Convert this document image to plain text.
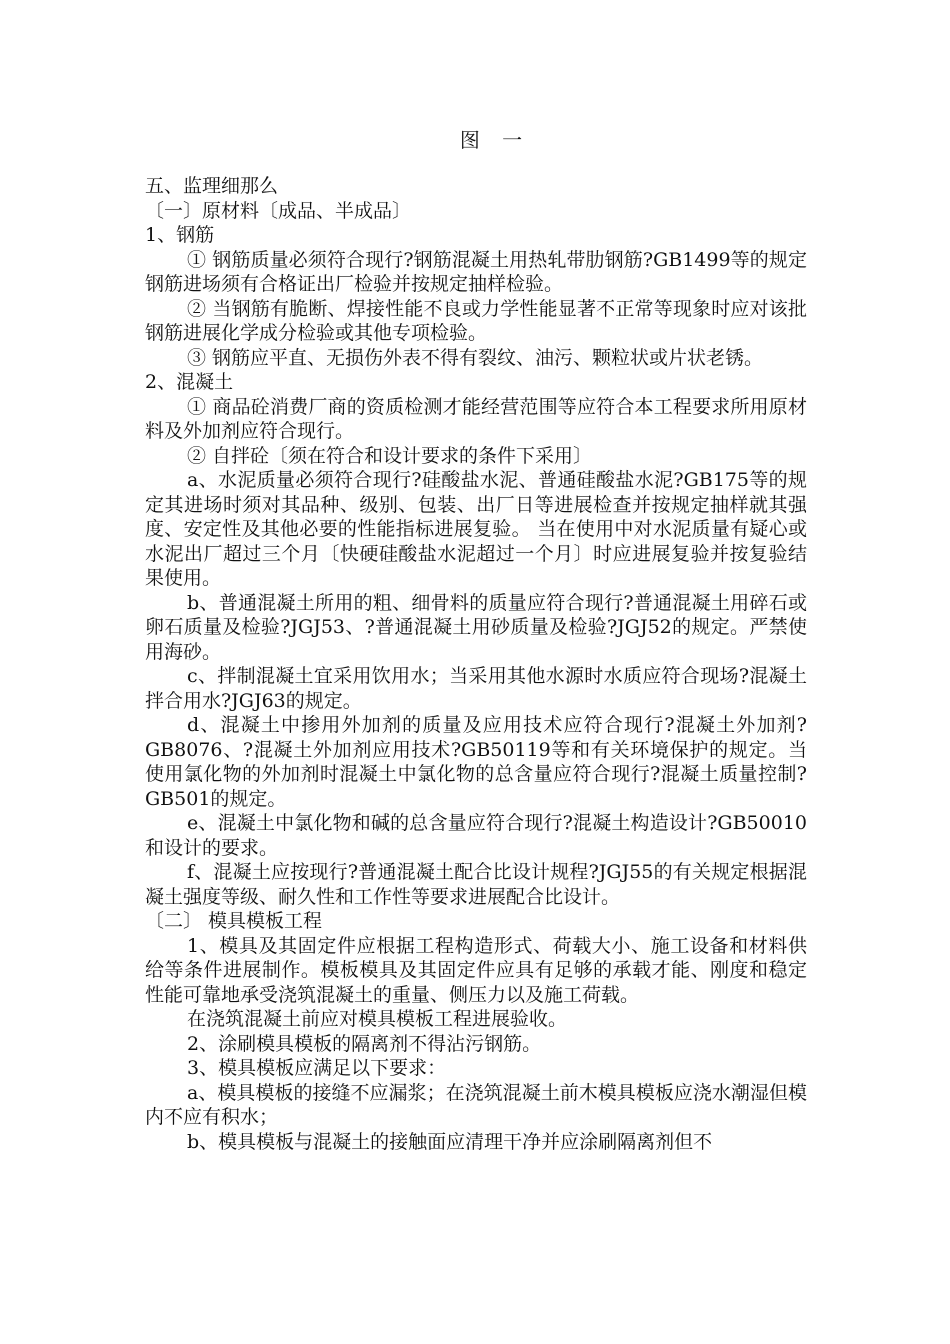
图 一

五、监理细那么

〔一〕原材料〔成品、半成品〕

1、钢筋

① 钢筋质量必须符合现行?钢筋混凝土用热轧带肋钢筋?GB1499等的规定钢筋进场须有合格证出厂检验并按规定抽样检验。

② 当钢筋有脆断、焊接性能不良或力学性能显著不正常等现象时应对该批钢筋进展化学成分检验或其他专项检验。

③ 钢筋应平直、无损伤外表不得有裂纹、油污、颗粒状或片状老锈。

2、混凝土

① 商品砼消费厂商的资质检测才能经营范围等应符合本工程要求所用原材料及外加剂应符合现行。

② 自拌砼〔须在符合和设计要求的条件下采用〕

a、水泥质量必须符合现行?硅酸盐水泥、普通硅酸盐水泥?GB175等的规定其进场时须对其品种、级别、包装、出厂日等进展检查并按规定抽样就其强度、安定性及其他必要的性能指标进展复验。 当在使用中对水泥质量有疑心或水泥出厂超过三个月〔快硬硅酸盐水泥超过一个月〕时应进展复验并按复验结果使用。

b、普通混凝土所用的粗、细骨料的质量应符合现行?普通混凝土用碎石或卵石质量及检验?JGJ53、?普通混凝土用砂质量及检验?JGJ52的规定。严禁使用海砂。

c、拌制混凝土宜采用饮用水；当采用其他水源时水质应符合现场?混凝土拌合用水?JGJ63的规定。

d、混凝土中掺用外加剂的质量及应用技术应符合现行?混凝土外加剂?GB8076、?混凝土外加剂应用技术?GB50119等和有关环境保护的规定。当使用氯化物的外加剂时混凝土中氯化物的总含量应符合现行?混凝土质量控制?GB501的规定。

e、混凝土中氯化物和碱的总含量应符合现行?混凝土构造设计?GB50010和设计的要求。

f、混凝土应按现行?普通混凝土配合比设计规程?JGJ55的有关规定根据混凝土强度等级、耐久性和工作性等要求进展配合比设计。

〔二〕 模具模板工程

1、模具及其固定件应根据工程构造形式、荷载大小、施工设备和材料供给等条件进展制作。模板模具及其固定件应具有足够的承载才能、刚度和稳定性能可靠地承受浇筑混凝土的重量、侧压力以及施工荷载。

在浇筑混凝土前应对模具模板工程进展验收。

2、涂刷模具模板的隔离剂不得沾污钢筋。

3、模具模板应满足以下要求：

a、模具模板的接缝不应漏浆；在浇筑混凝土前木模具模板应浇水潮湿但模内不应有积水；

b、模具模板与混凝土的接触面应清理干净并应涂刷隔离剂但不
